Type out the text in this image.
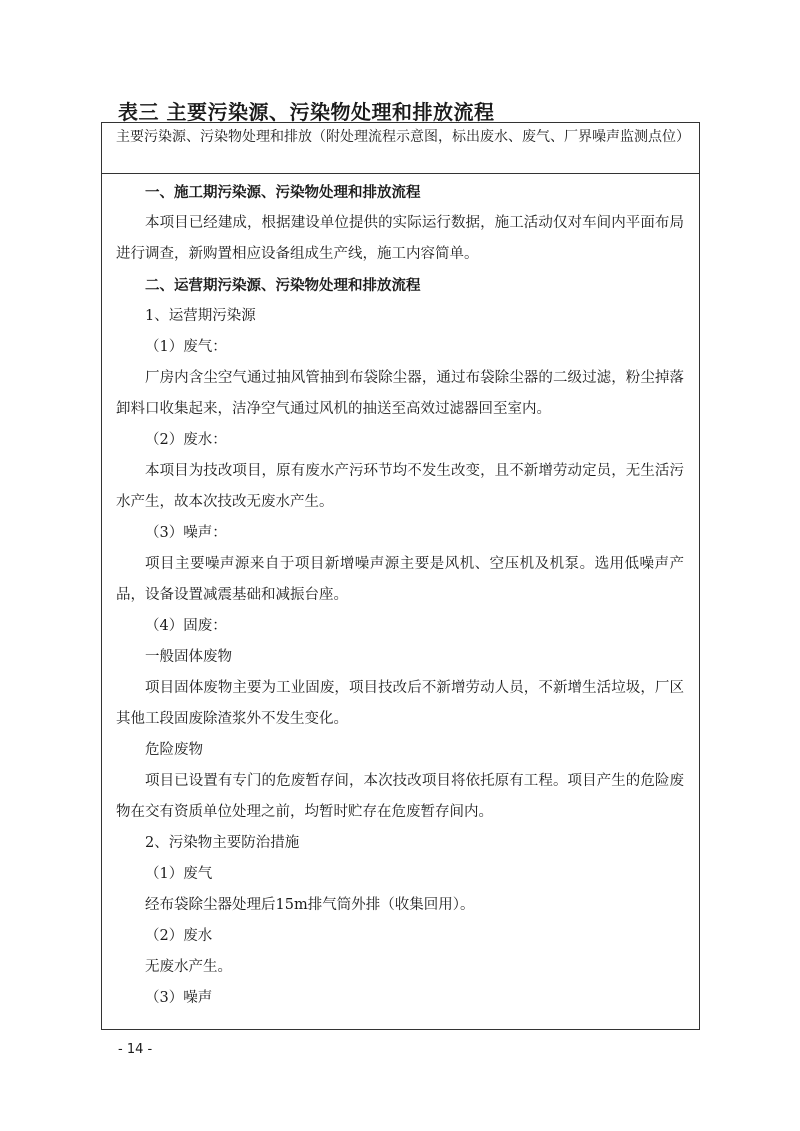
表三 主要污染源、污染物处理和排放流程

主要污染源、污染物处理和排放（附处理流程示意图，标出废水、废气、厂界噪声监测点位）

一、施工期污染源、污染物处理和排放流程

本项目已经建成，根据建设单位提供的实际运行数据，施工活动仅对车间内平面布局进行调查，新购置相应设备组成生产线，施工内容简单。

二、运营期污染源、污染物处理和排放流程

1、运营期污染源

（1）废气：

厂房内含尘空气通过抽风管抽到布袋除尘器，通过布袋除尘器的二级过滤，粉尘掉落卸料口收集起来，洁净空气通过风机的抽送至高效过滤器回至室内。

（2）废水：

本项目为技改项目，原有废水产污环节均不发生改变，且不新增劳动定员，无生活污水产生，故本次技改无废水产生。

（3）噪声：

项目主要噪声源来自于项目新增噪声源主要是风机、空压机及机泵。选用低噪声产品，设备设置减震基础和减振台座。

（4）固废：

一般固体废物

项目固体废物主要为工业固废，项目技改后不新增劳动人员，不新增生活垃圾，厂区其他工段固废除渣浆外不发生变化。

危险废物

项目已设置有专门的危废暂存间，本次技改项目将依托原有工程。项目产生的危险废物在交有资质单位处理之前，均暂时贮存在危废暂存间内。

2、污染物主要防治措施

（1）废气

经布袋除尘器处理后15m排气筒外排（收集回用）。

（2）废水

无废水产生。

（3）噪声

- 14 -
